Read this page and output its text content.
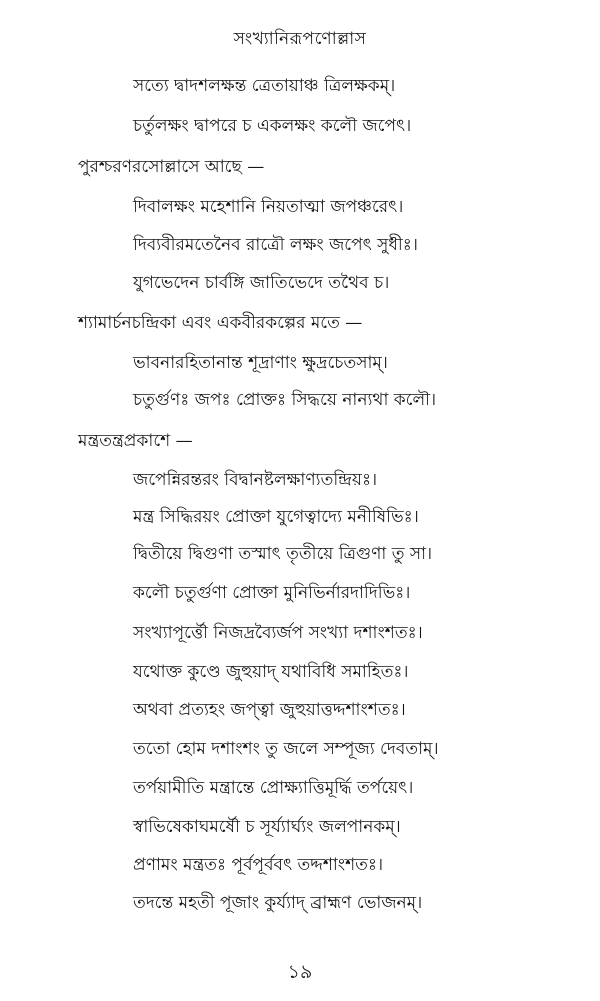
সংখ্যানিরূপণোল্লাস
সত্যে দ্বাদশলক্ষন্ত ত্রেতায়াঞ্চ ত্রিলক্ষকম্।
চর্তুলক্ষং দ্বাপরে চ একলক্ষং কলৌ জপেৎ।
পুরশ্চরণরসোল্লাসে আছে —
দিবালক্ষং মহেশানি নিয়তাত্মা জপঞ্চরেৎ।
দিব্যবীরমতেনৈব রাত্রৌ লক্ষং জপেৎ সুধীঃ।
যুগভেদেন চার্বঙ্গি জাতিভেদে তথৈব চ।
শ্যামার্চনচন্দ্রিকা এবং একবীরকল্পের মতে —
ভাবনারহিতানান্ত শূদ্রাণাং ক্ষুদ্রচেতসাম্।
চতুর্গুণঃ জপঃ প্রোক্তঃ সিদ্ধয়ে নান্যথা কলৌ।
মন্ত্রতন্ত্রপ্রকাশে —
জপেন্নিরন্তরং বিদ্বানষ্টলক্ষাণ্যতন্দ্রিয়ঃ।
মন্ত্র সিদ্ধিরয়ং প্রোক্তা যুগেত্বাদ্যে মনীষিভিঃ।
দ্বিতীয়ে দ্বিগুণা তস্মাৎ তৃতীয়ে ত্রিগুণা তু সা।
কলৌ চতুর্গুণা প্রোক্তা মুনিভির্নারদাদিভিঃ।
সংখ্যাপূর্ত্তৌ নিজদ্রব্যৈর্জপ সংখ্যা দশাংশতঃ।
যথোক্ত কুণ্ডে জুহুয়াদ্ যথাবিধি সমাহিতঃ।
অথবা প্রত্যহং জপ্ত্বা জুহুয়াত্তদ্দশাংশতঃ।
ততো হোম দশাংশং তু জলে সম্পূজ্য দেবতাম্।
তর্পয়ামীতি মন্ত্রান্তে প্রোক্ষ্যাত্তিমূর্দ্ধি তর্পয়েৎ।
স্বাভিষেকাঘমর্ষৌ চ সূর্য্যার্ঘ্যং জলপানকম্।
প্রণামং মন্ত্রতঃ পূর্বপূর্ববৎ তদ্দশাংশতঃ।
তদন্তে মহতী পূজাং কুর্য্যাদ্ ব্রাহ্মণ ভোজনম্।
১৯
